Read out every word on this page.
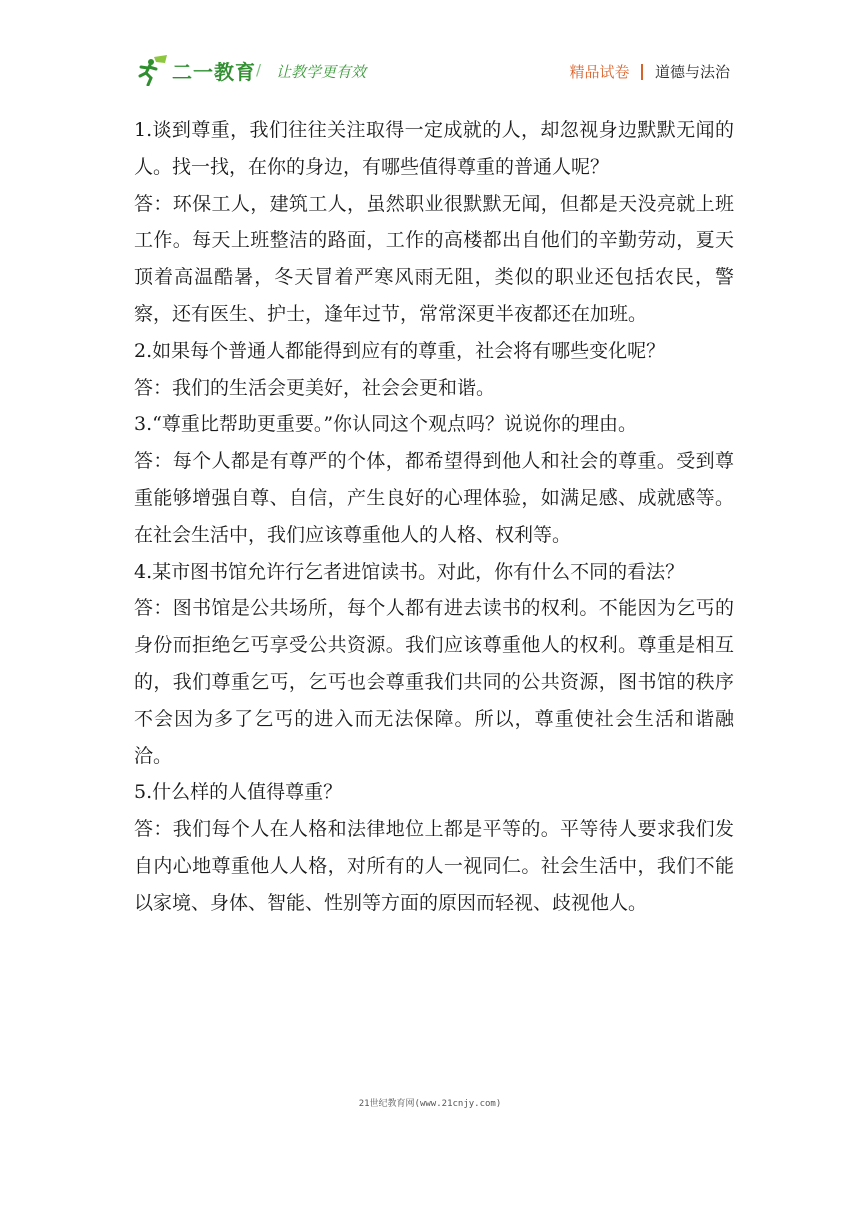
二一教育 / 让教学更有效	精品试卷 道德与法治

1.谈到尊重，我们往往关注取得一定成就的人，却忽视身边默默无闻的人。找一找，在你的身边，有哪些值得尊重的普通人呢？

答：环保工人，建筑工人，虽然职业很默默无闻，但都是天没亮就上班工作。每天上班整洁的路面，工作的高楼都出自他们的辛勤劳动，夏天顶着高温酷暑，冬天冒着严寒风雨无阻，类似的职业还包括农民，警察，还有医生、护士，逢年过节，常常深更半夜都还在加班。

2.如果每个普通人都能得到应有的尊重，社会将有哪些变化呢？

答：我们的生活会更美好，社会会更和谐。

3.“尊重比帮助更重要。”你认同这个观点吗？说说你的理由。

答：每个人都是有尊严的个体，都希望得到他人和社会的尊重。受到尊重能够增强自尊、自信，产生良好的心理体验，如满足感、成就感等。在社会生活中，我们应该尊重他人的人格、权利等。

4.某市图书馆允许行乞者进馆读书。对此，你有什么不同的看法？

答：图书馆是公共场所，每个人都有进去读书的权利。不能因为乞丐的身份而拒绝乞丐享受公共资源。我们应该尊重他人的权利。尊重是相互的，我们尊重乞丐，乞丐也会尊重我们共同的公共资源，图书馆的秩序不会因为多了乞丐的进入而无法保障。所以，尊重使社会生活和谐融洽。

5.什么样的人值得尊重？

答：我们每个人在人格和法律地位上都是平等的。平等待人要求我们发自内心地尊重他人人格，对所有的人一视同仁。社会生活中，我们不能以家境、身体、智能、性别等方面的原因而轻视、歧视他人。

21世纪教育网(www.21cnjy.com)
